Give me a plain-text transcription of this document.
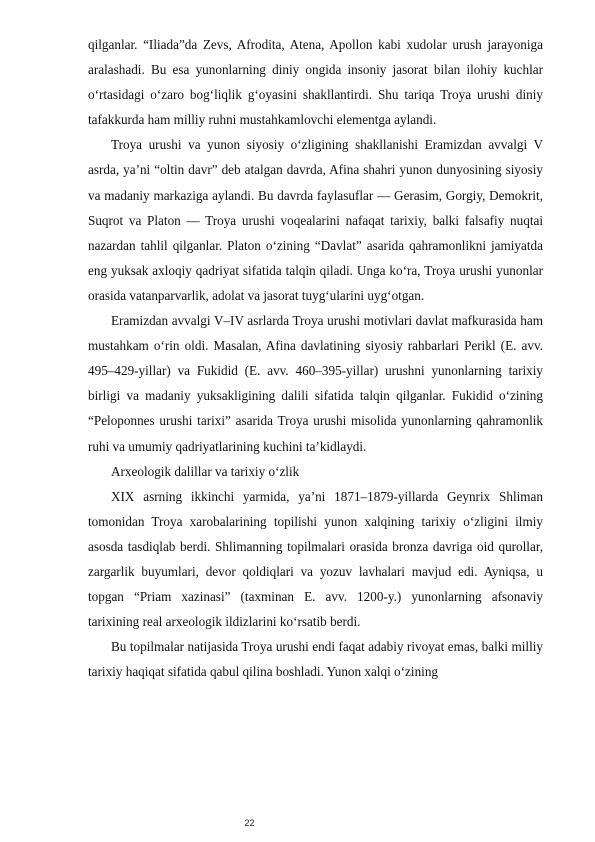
qilganlar. “Iliada”da Zevs, Afrodita, Atena, Apollon kabi xudolar urush jarayoniga aralashadi. Bu esa yunonlarning diniy ongida insoniy jasorat bilan ilohiy kuchlar o‘rtasidagi o‘zaro bog‘liqlik g‘oyasini shakllantirdi. Shu tariqa Troya urushi diniy tafakkurda ham milliy ruhni mustahkamlovchi elementga aylandi.

Troya urushi va yunon siyosiy o‘zligining shakllanishi Eramizdan avvalgi V asrda, ya’ni “oltin davr” deb atalgan davrda, Afina shahri yunon dunyosining siyosiy va madaniy markaziga aylandi. Bu davrda faylasuflar — Gerasim, Gorgiy, Demokrit, Suqrot va Platon — Troya urushi voqealarini nafaqat tarixiy, balki falsafiy nuqtai nazardan tahlil qilganlar. Platon o‘zining “Davlat” asarida qahramonlikni jamiyatda eng yuksak axloqiy qadriyat sifatida talqin qiladi. Unga ko‘ra, Troya urushi yunonlar orasida vatanparvarlik, adolat va jasorat tuyg‘ularini uyg‘otgan.

Eramizdan avvalgi V–IV asrlarda Troya urushi motivlari davlat mafkurasida ham mustahkam o‘rin oldi. Masalan, Afina davlatining siyosiy rahbarlari Perikl (E. avv. 495–429-yillar) va Fukidid (E. avv. 460–395-yillar) urushni yunonlarning tarixiy birligi va madaniy yuksakligining dalili sifatida talqin qilganlar. Fukidid o‘zining “Peloponnes urushi tarixi” asarida Troya urushi misolida yunonlarning qahramonlik ruhi va umumiy qadriyatlarining kuchini ta’kidlaydi.

Arxeologik dalillar va tarixiy o‘zlik

XIX asrning ikkinchi yarmida, ya’ni 1871–1879-yillarda Geynrix Shliman tomonidan Troya xarobalarining topilishi yunon xalqining tarixiy o‘zligini ilmiy asosda tasdiqlab berdi. Shlimanning topilmalari orasida bronza davriga oid qurollar, zargarlik buyumlari, devor qoldiqlari va yozuv lavhalari mavjud edi. Ayniqsa, u topgan “Priam xazinasi” (taxminan E. avv. 1200-y.) yunonlarning afsonaviy tarixining real arxeologik ildizlarini ko‘rsatib berdi.

Bu topilmalar natijasida Troya urushi endi faqat adabiy rivoyat emas, balki milliy tarixiy haqiqat sifatida qabul qilina boshladi. Yunon xalqi o‘zining

22
